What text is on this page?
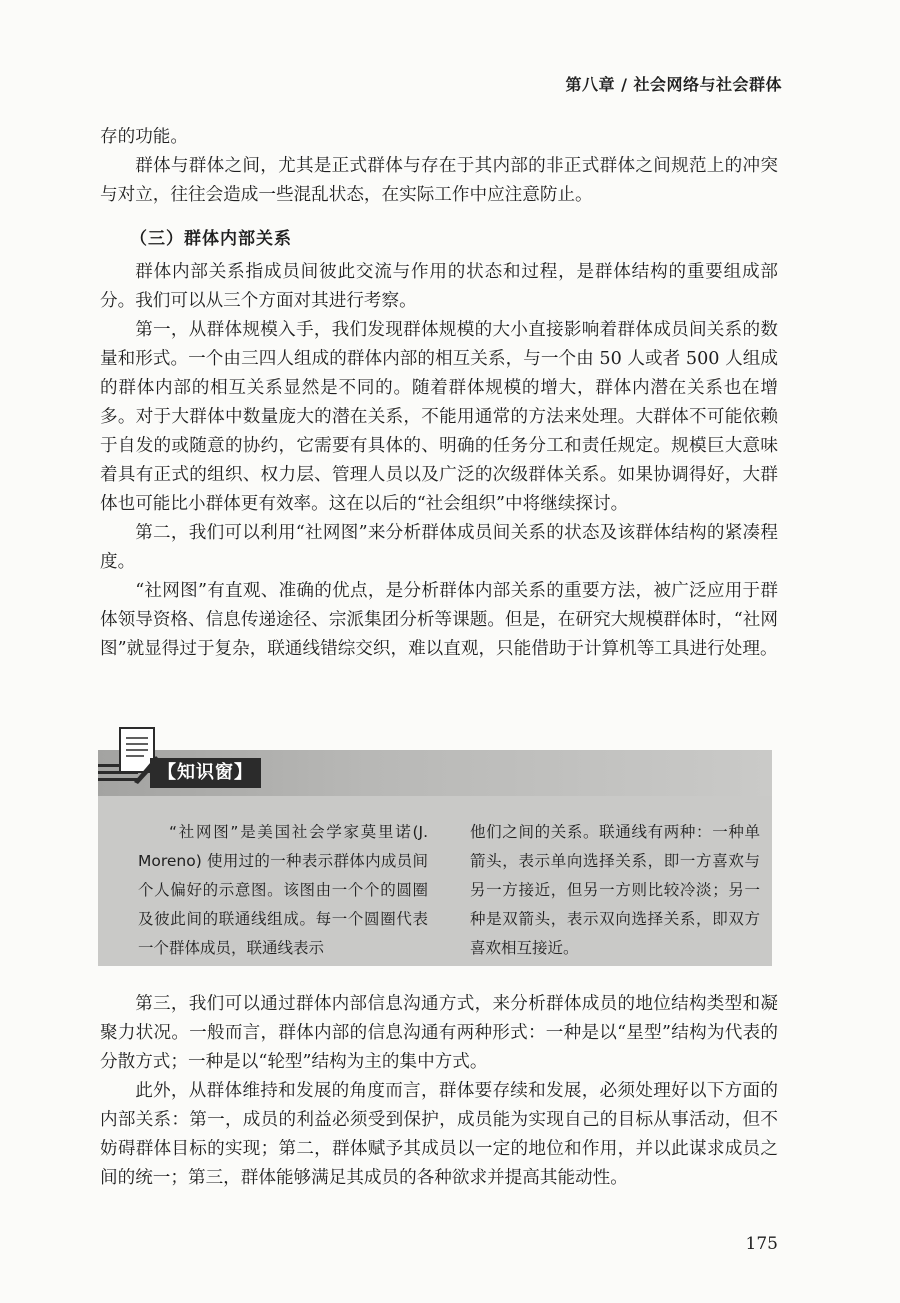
第八章 / 社会网络与社会群体

存的功能。

群体与群体之间，尤其是正式群体与存在于其内部的非正式群体之间规范上的冲突与对立，往往会造成一些混乱状态，在实际工作中应注意防止。

（三）群体内部关系

群体内部关系指成员间彼此交流与作用的状态和过程，是群体结构的重要组成部分。我们可以从三个方面对其进行考察。

第一，从群体规模入手，我们发现群体规模的大小直接影响着群体成员间关系的数量和形式。一个由三四人组成的群体内部的相互关系，与一个由 50 人或者 500 人组成的群体内部的相互关系显然是不同的。随着群体规模的增大，群体内潜在关系也在增多。对于大群体中数量庞大的潜在关系，不能用通常的方法来处理。大群体不可能依赖于自发的或随意的协约，它需要有具体的、明确的任务分工和责任规定。规模巨大意味着具有正式的组织、权力层、管理人员以及广泛的次级群体关系。如果协调得好，大群体也可能比小群体更有效率。这在以后的“社会组织”中将继续探讨。

第二，我们可以利用“社网图”来分析群体成员间关系的状态及该群体结构的紧凑程度。

“社网图”有直观、准确的优点，是分析群体内部关系的重要方法，被广泛应用于群体领导资格、信息传递途径、宗派集团分析等课题。但是，在研究大规模群体时，“社网图”就显得过于复杂，联通线错综交织，难以直观，只能借助于计算机等工具进行处理。

【知识窗】

“社网图”是美国社会学家莫里诺(J. Moreno) 使用过的一种表示群体内成员间个人偏好的示意图。该图由一个个的圆圈及彼此间的联通线组成。每一个圆圈代表一个群体成员，联通线表示

他们之间的关系。联通线有两种：一种单箭头，表示单向选择关系，即一方喜欢与另一方接近，但另一方则比较冷淡；另一种是双箭头，表示双向选择关系，即双方喜欢相互接近。

第三，我们可以通过群体内部信息沟通方式，来分析群体成员的地位结构类型和凝聚力状况。一般而言，群体内部的信息沟通有两种形式：一种是以“星型”结构为代表的分散方式；一种是以“轮型”结构为主的集中方式。

此外，从群体维持和发展的角度而言，群体要存续和发展，必须处理好以下方面的内部关系：第一，成员的利益必须受到保护，成员能为实现自己的目标从事活动，但不妨碍群体目标的实现；第二，群体赋予其成员以一定的地位和作用，并以此谋求成员之间的统一；第三，群体能够满足其成员的各种欲求并提高其能动性。

175
